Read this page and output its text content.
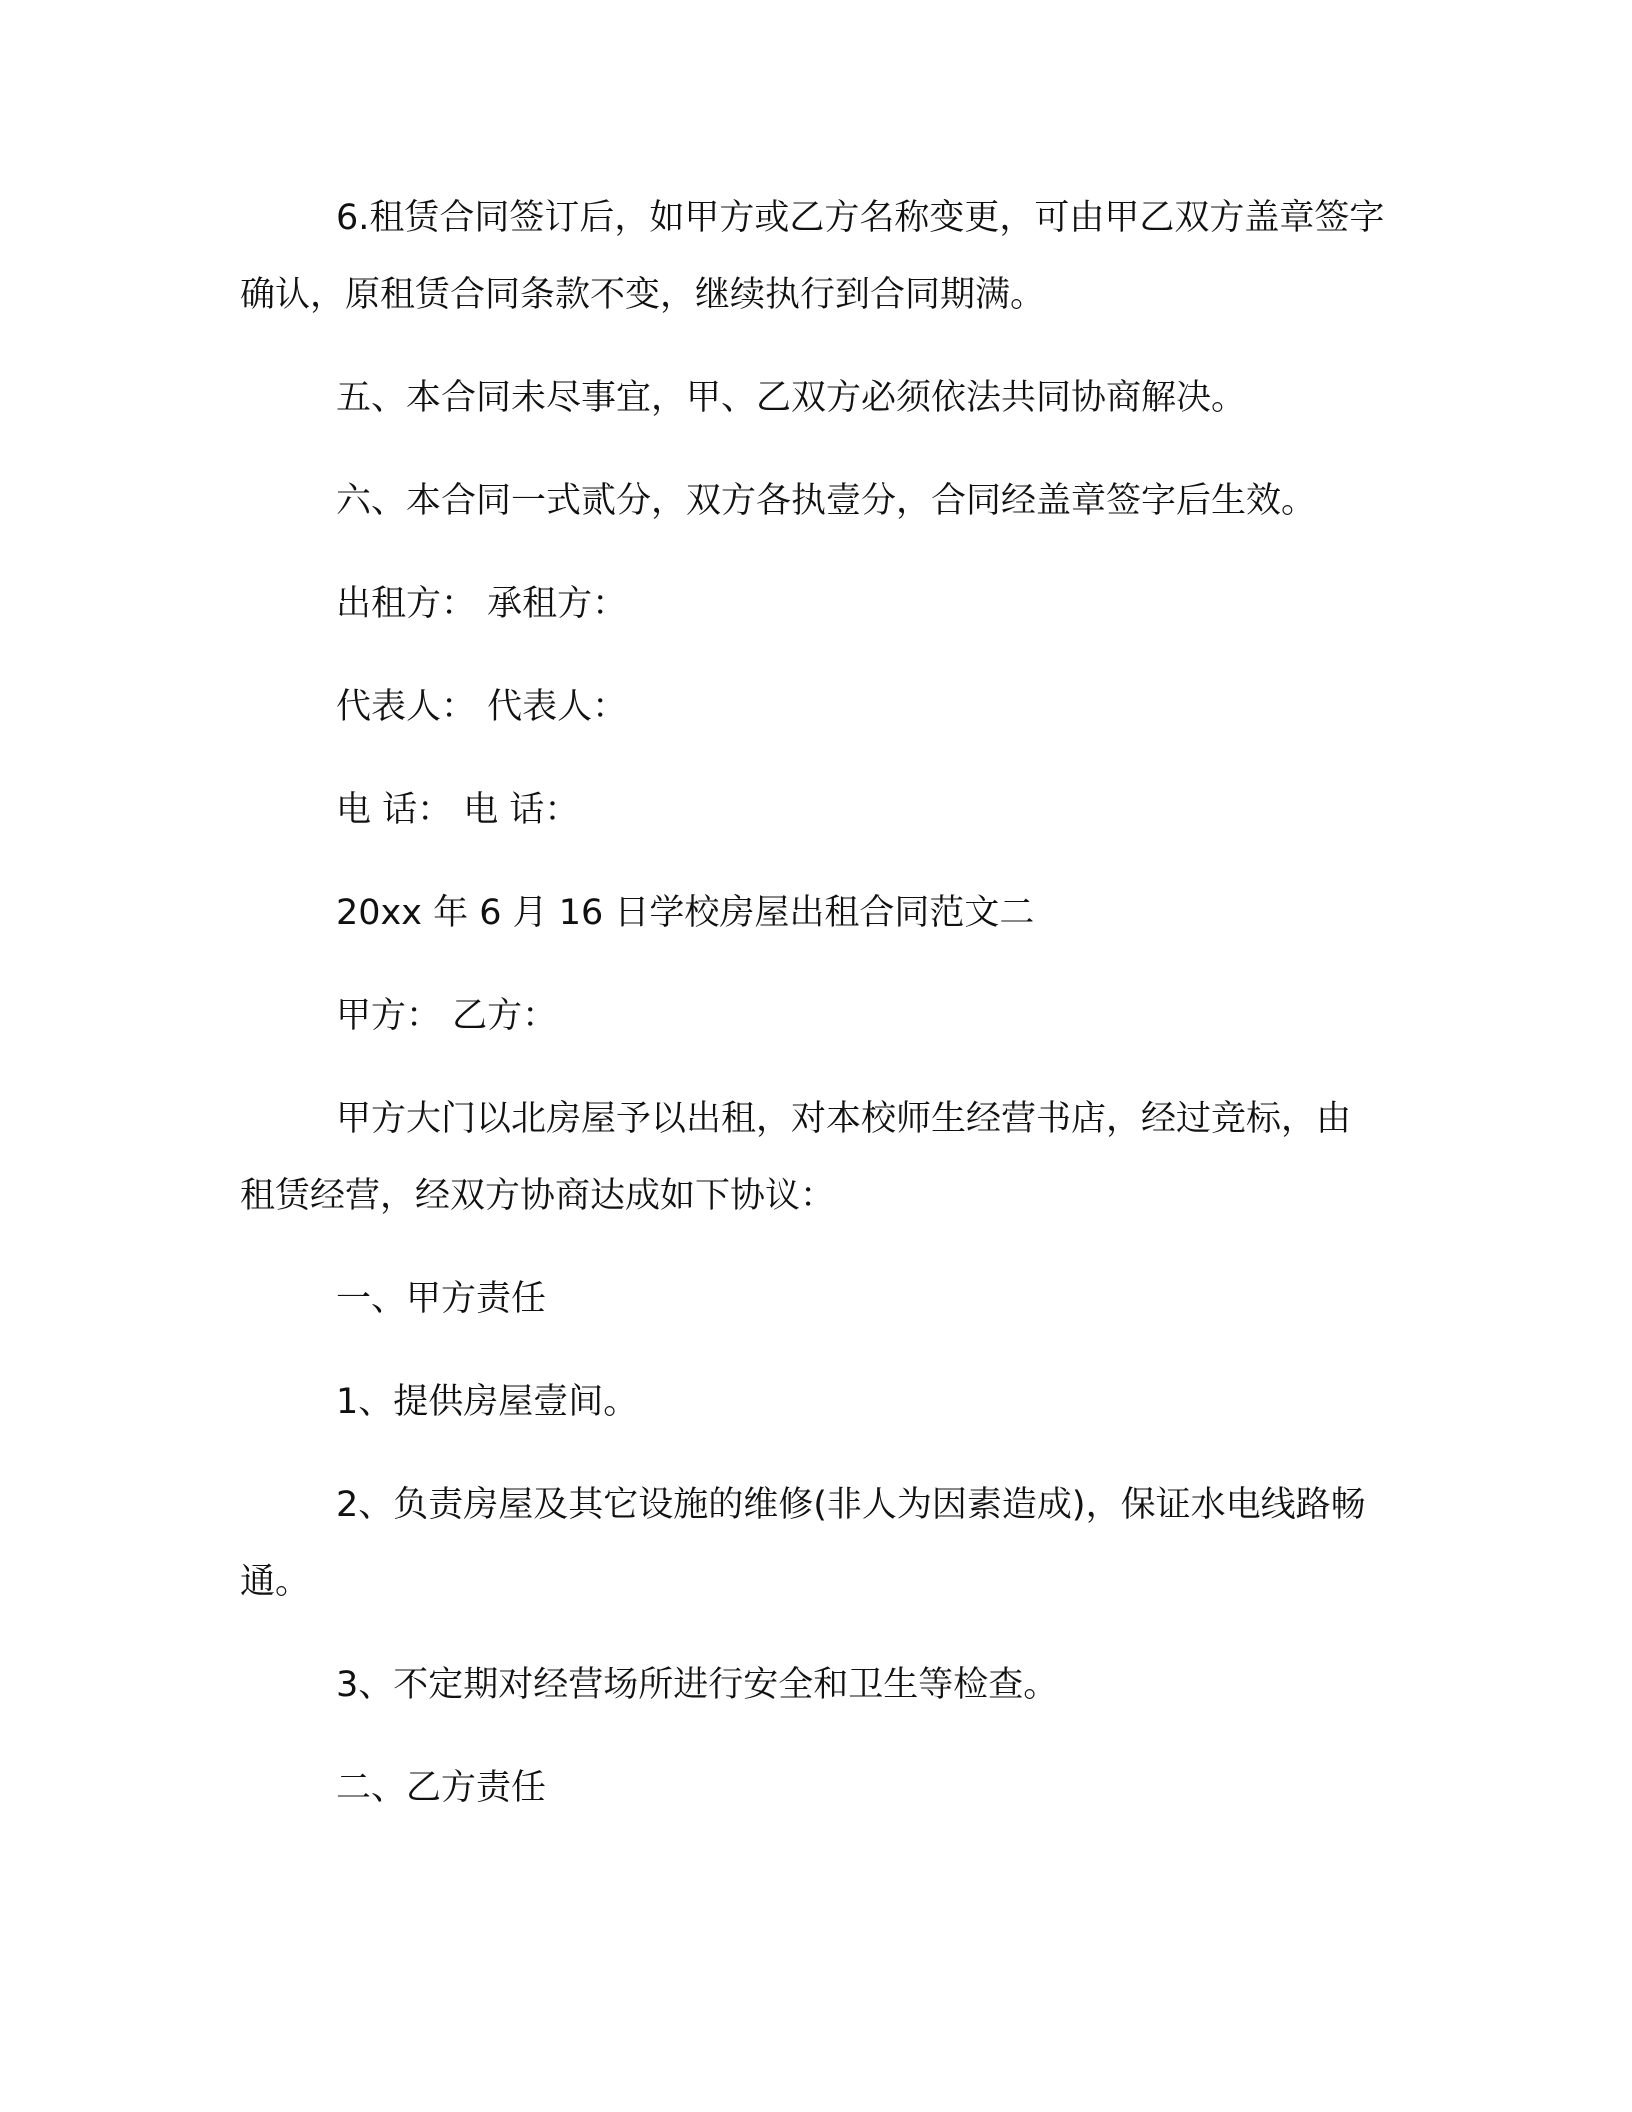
6.租赁合同签订后，如甲方或乙方名称变更，可由甲乙双方盖章签字确认，原租赁合同条款不变，继续执行到合同期满。

五、本合同未尽事宜，甲、乙双方必须依法共同协商解决。

六、本合同一式贰分，双方各执壹分，合同经盖章签字后生效。

出租方： 承租方：

代表人： 代表人：

电 话： 电 话：

20xx 年 6 月 16 日学校房屋出租合同范文二

甲方： 乙方：

甲方大门以北房屋予以出租，对本校师生经营书店，经过竞标，由 租赁经营，经双方协商达成如下协议：

一、甲方责任

1、提供房屋壹间。

2、负责房屋及其它设施的维修(非人为因素造成)，保证水电线路畅通。

3、不定期对经营场所进行安全和卫生等检查。

二、乙方责任
